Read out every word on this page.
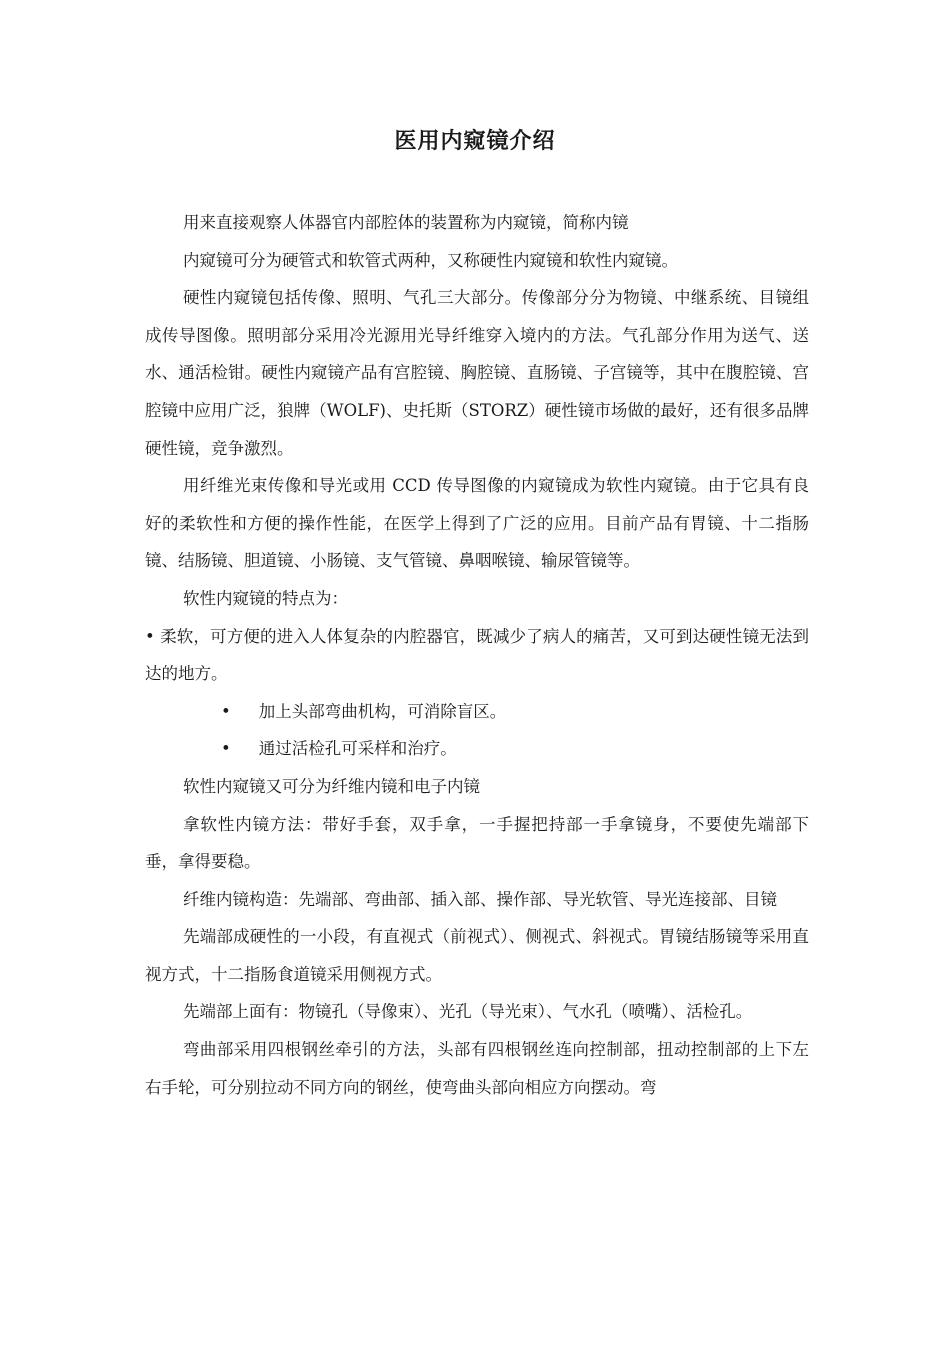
医用内窥镜介绍

用来直接观察人体器官内部腔体的装置称为内窥镜，简称内镜

内窥镜可分为硬管式和软管式两种，又称硬性内窥镜和软性内窥镜。

硬性内窥镜包括传像、照明、气孔三大部分。传像部分分为物镜、中继系统、目镜组成传导图像。照明部分采用冷光源用光导纤维穿入境内的方法。气孔部分作用为送气、送水、通活检钳。硬性内窥镜产品有宫腔镜、胸腔镜、直肠镜、子宫镜等，其中在腹腔镜、宫腔镜中应用广泛，狼牌（WOLF)、史托斯（STORZ）硬性镜市场做的最好，还有很多品牌硬性镜，竞争激烈。

用纤维光束传像和导光或用 CCD 传导图像的内窥镜成为软性内窥镜。由于它具有良好的柔软性和方便的操作性能，在医学上得到了广泛的应用。目前产品有胃镜、十二指肠镜、结肠镜、胆道镜、小肠镜、支气管镜、鼻咽喉镜、输尿管镜等。

软性内窥镜的特点为：

• 柔软，可方便的进入人体复杂的内腔器官，既减少了病人的痛苦，又可到达硬性镜无法到达的地方。

• 加上头部弯曲机构，可消除盲区。

• 通过活检孔可采样和治疗。

软性内窥镜又可分为纤维内镜和电子内镜

拿软性内镜方法：带好手套，双手拿，一手握把持部一手拿镜身，不要使先端部下垂，拿得要稳。

纤维内镜构造：先端部、弯曲部、插入部、操作部、导光软管、导光连接部、目镜

先端部成硬性的一小段，有直视式（前视式）、侧视式、斜视式。胃镜结肠镜等采用直视方式，十二指肠食道镜采用侧视方式。

先端部上面有：物镜孔（导像束）、光孔（导光束）、气水孔（喷嘴）、活检孔。

弯曲部采用四根钢丝牵引的方法，头部有四根钢丝连向控制部，扭动控制部的上下左右手轮，可分别拉动不同方向的钢丝，使弯曲头部向相应方向摆动。弯
